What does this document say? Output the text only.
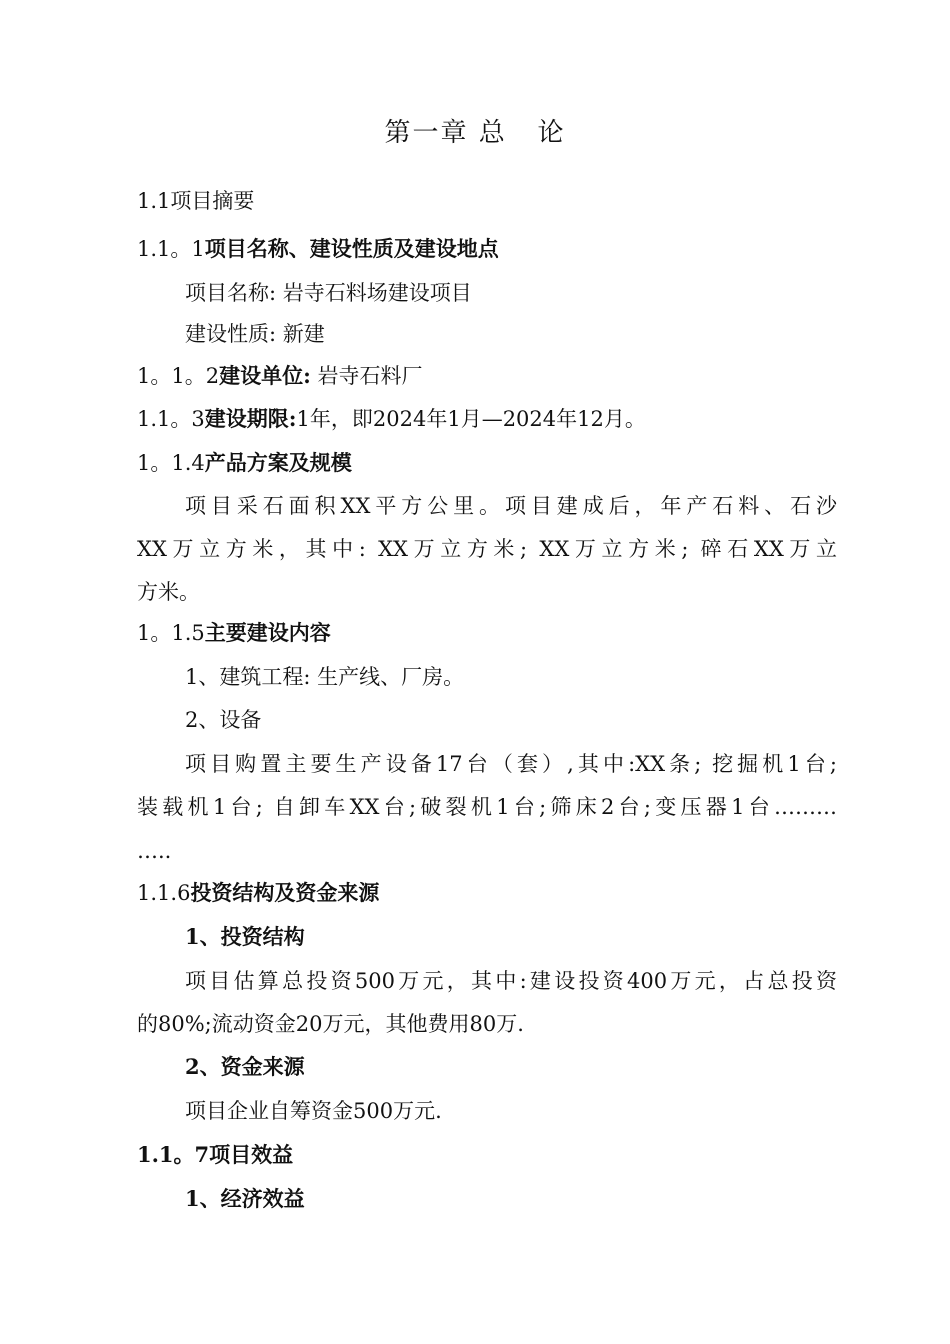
第一章 总   论
1.1项目摘要
1.1。1项目名称、建设性质及建设地点
项目名称: 岩寺石料场建设项目
建设性质: 新建
1。1。2建设单位: 岩寺石料厂
1.1。3建设期限:1年，即2024年1月—2024年12月。
1。1.4产品方案及规模
项目采石面积XX平方公里。项目建成后，年产石料、石沙
XX万立方米，其中: XX万立方米; XX万立方米; 碎石XX万立
方米。
1。1.5主要建设内容
1、建筑工程: 生产线、厂房。
2、设备
项目购置主要生产设备17台（套）,其中:XX条; 挖掘机1台;
装载机1台; 自卸车XX台;破裂机1台;筛床2台;变压器1台………
…..
1.1.6投资结构及资金来源
1、投资结构
项目估算总投资500万元，其中:建设投资400万元，占总投资
的80%;流动资金20万元，其他费用80万.
2、资金来源
项目企业自筹资金500万元.
1.1。7项目效益
1、经济效益
